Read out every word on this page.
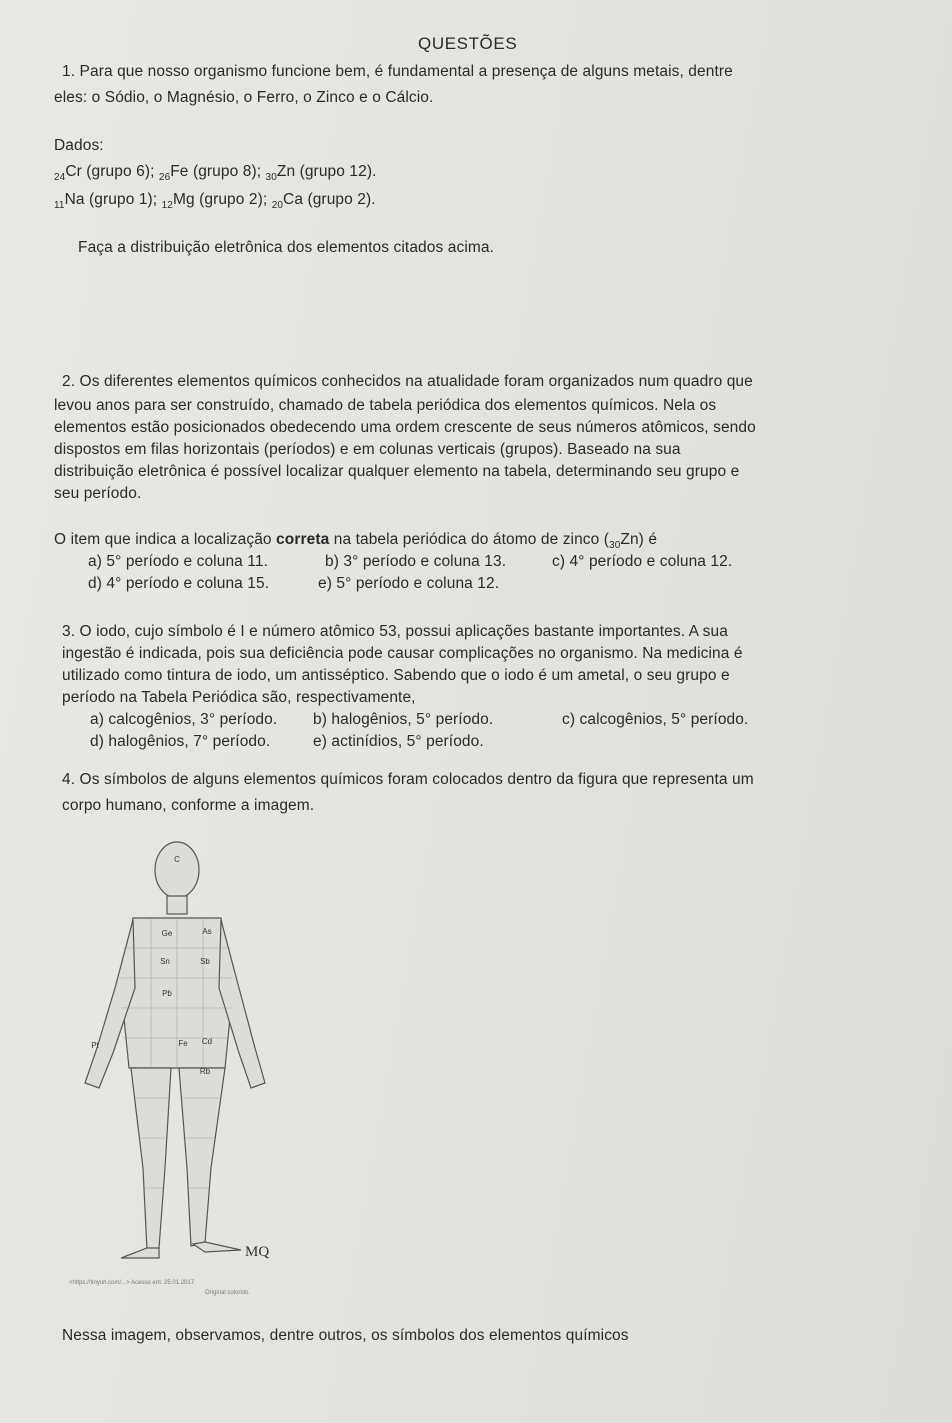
QUESTÕES
1. Para que nosso organismo funcione bem, é fundamental a presença de alguns metais, dentre
eles: o Sódio, o Magnésio, o Ferro, o Zinco e o Cálcio.
Dados:
$_{24}$Cr (grupo 6); $_{26}$Fe (grupo 8); $_{30}$Zn (grupo 12).
$_{11}$Na (grupo 1); $_{12}$Mg (grupo 2); $_{20}$Ca (grupo 2).
Faça a distribuição eletrônica dos elementos citados acima.
2. Os diferentes elementos químicos conhecidos na atualidade foram organizados num quadro que
levou anos para ser construído, chamado de tabela periódica dos elementos químicos. Nela os
elementos estão posicionados obedecendo uma ordem crescente de seus números atômicos, sendo
dispostos em filas horizontais (períodos) e em colunas verticais (grupos). Baseado na sua
distribuição eletrônica é possível localizar qualquer elemento na tabela, determinando seu grupo e
seu período.
O item que indica a localização correta na tabela periódica do átomo de zinco $(_{30}Zn)$ é
a) 5° período e coluna 11.	b) 3° período e coluna 13.	c) 4° período e coluna 12.
d) 4° período e coluna 15.	e) 5° período e coluna 12.
3. O iodo, cujo símbolo é I e número atômico 53, possui aplicações bastante importantes. A sua
ingestão é indicada, pois sua deficiência pode causar complicações no organismo. Na medicina é
utilizado como tintura de iodo, um antisséptico. Sabendo que o iodo é um ametal, o seu grupo e
período na Tabela Periódica são, respectivamente,
a) calcogênios, 3° período. b) halogênios, 5° período.	c) calcogênios, 5° período.
d) halogênios, 7° período.	e) actinídios, 5° período.
4. Os símbolos de alguns elementos químicos foram colocados dentro da figura que representa um
corpo humano, conforme a imagem.
C
Ge	As
Sn	Sb
Pb
Fe Cd
Pt
Rb
MQ
<https://tinyurl.com/...> Acesso em: 25.01.2017.
Original colorido.
Nessa imagem, observamos, dentre outros, os símbolos dos elementos químicos
